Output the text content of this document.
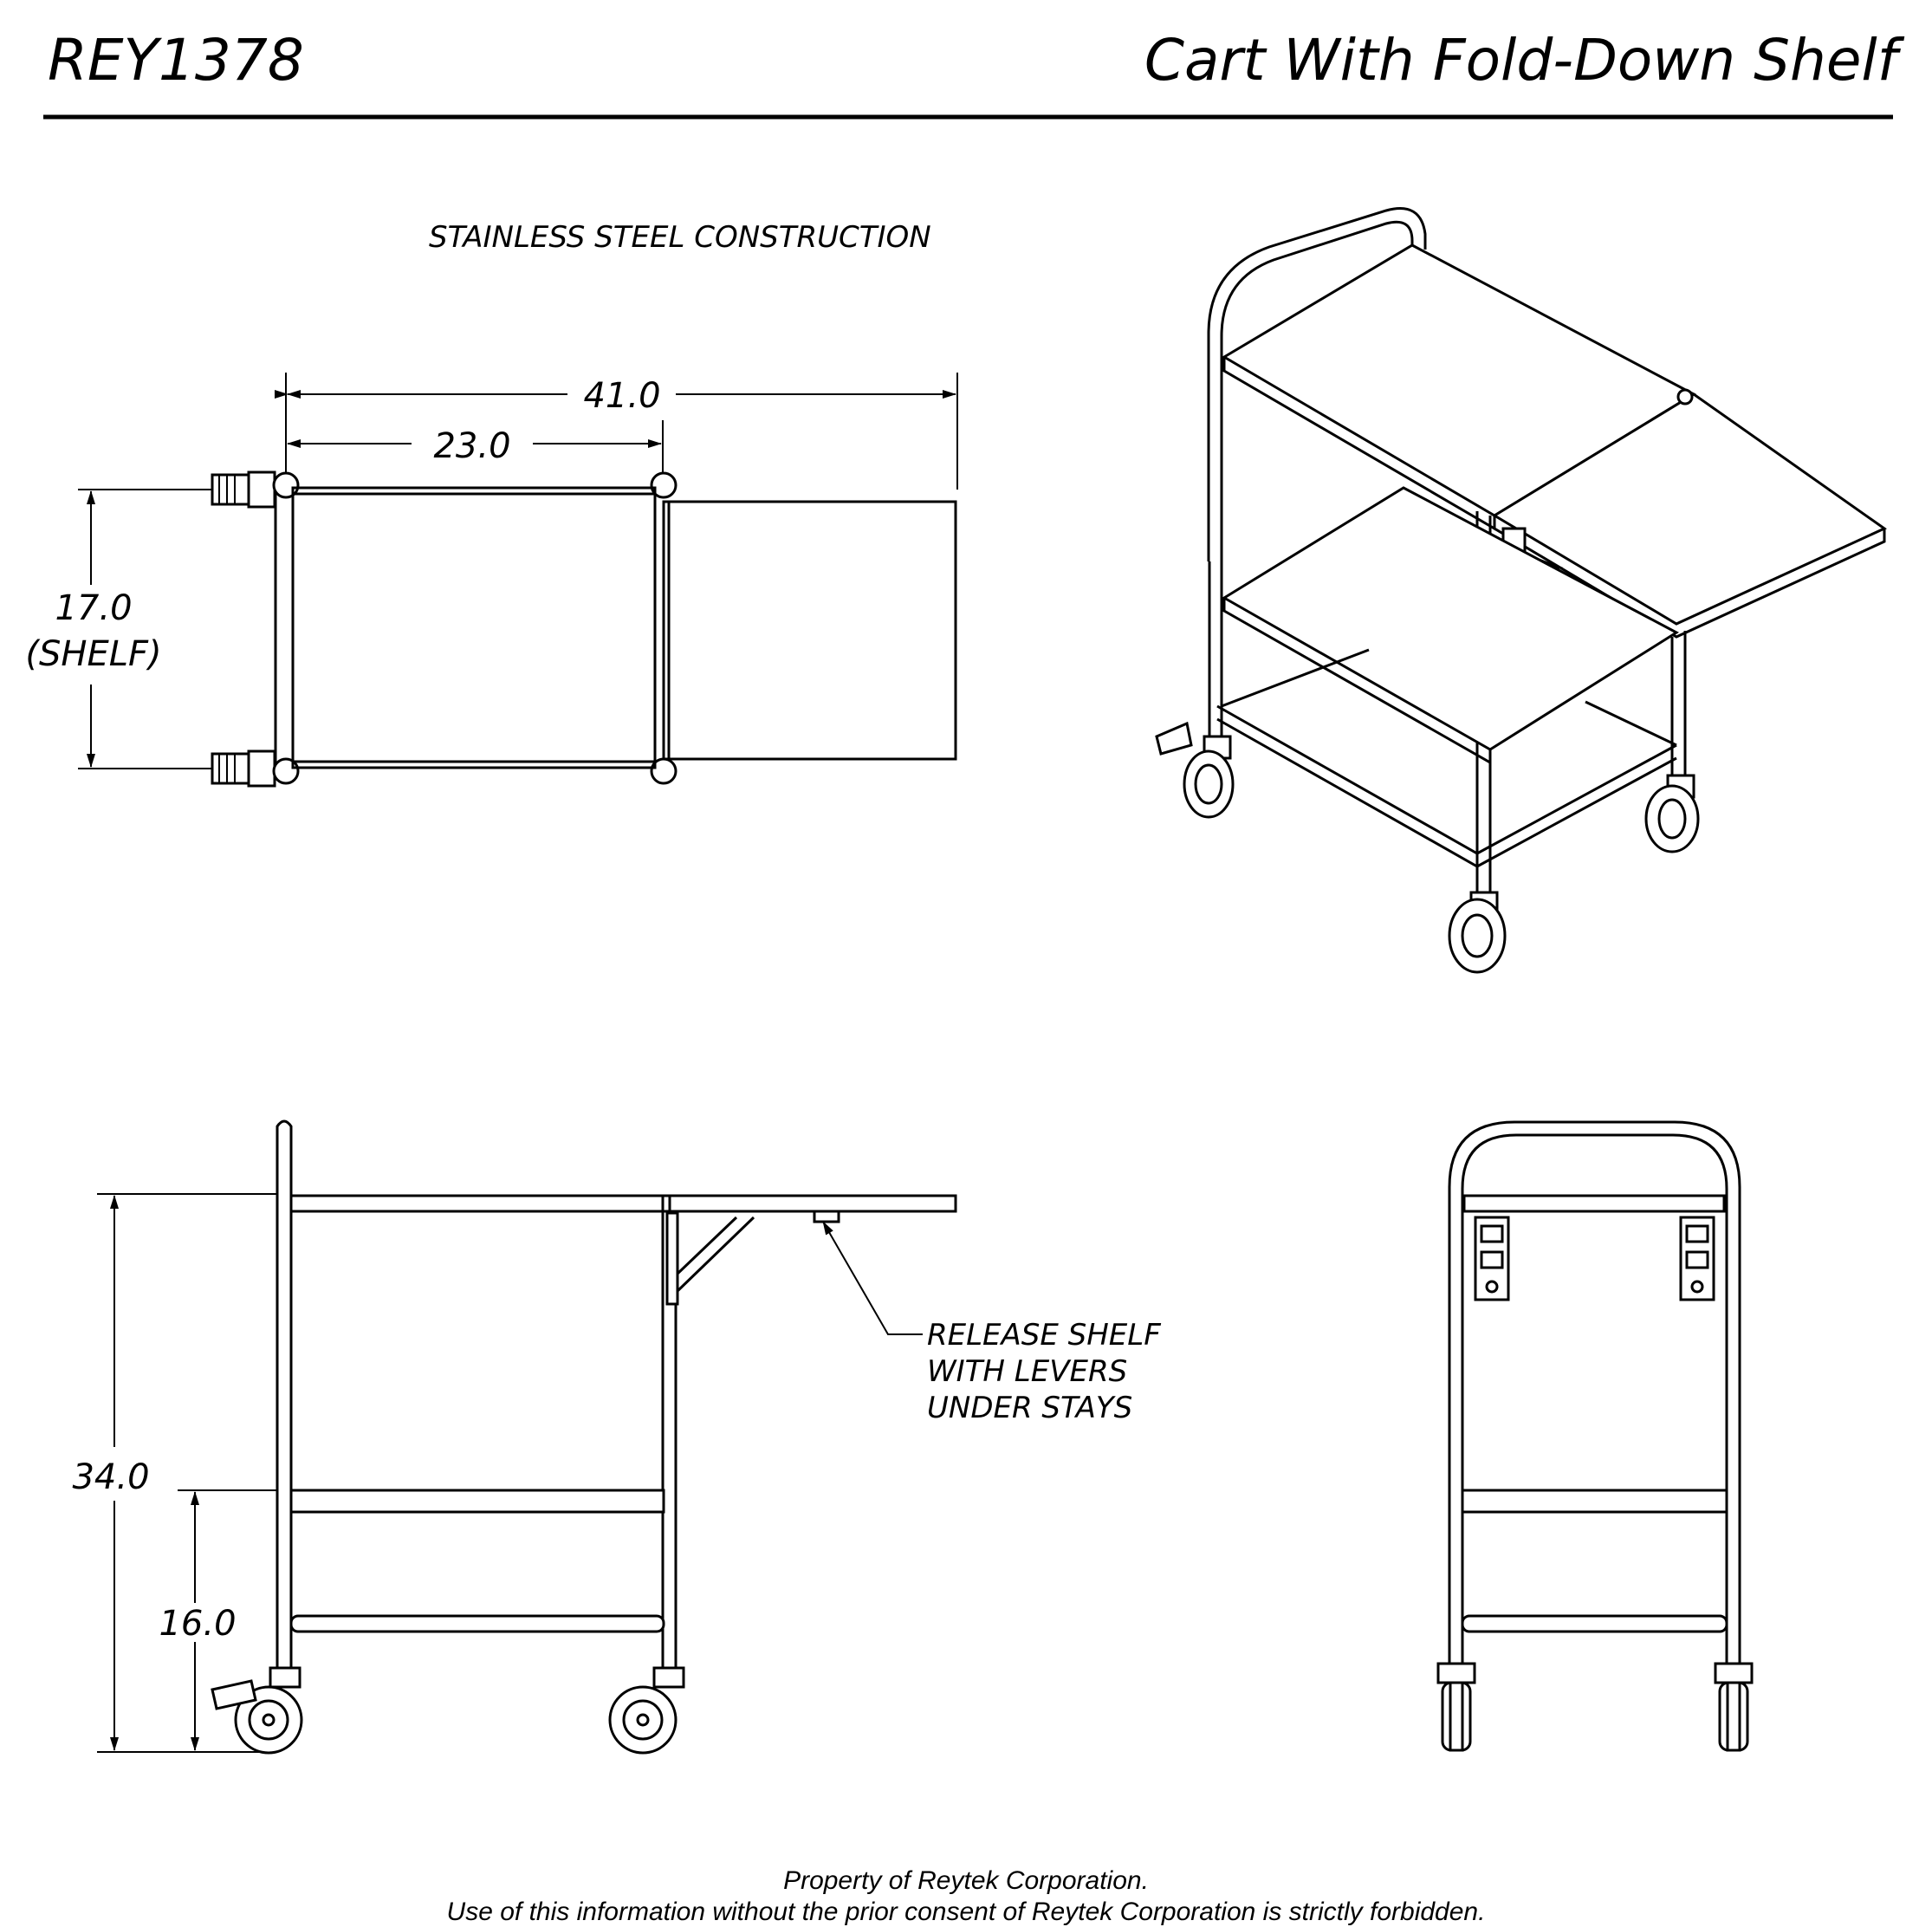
REY1378	Cart With Fold-Down Shelf
STAINLESS STEEL CONSTRUCTION
41.0
23.0
17.0
(SHELF)
34.0
16.0
RELEASE SHELF
WITH LEVERS
UNDER STAYS
Property of Reytek Corporation.
Use of this information without the prior consent of Reytek Corporation is strictly forbidden.
